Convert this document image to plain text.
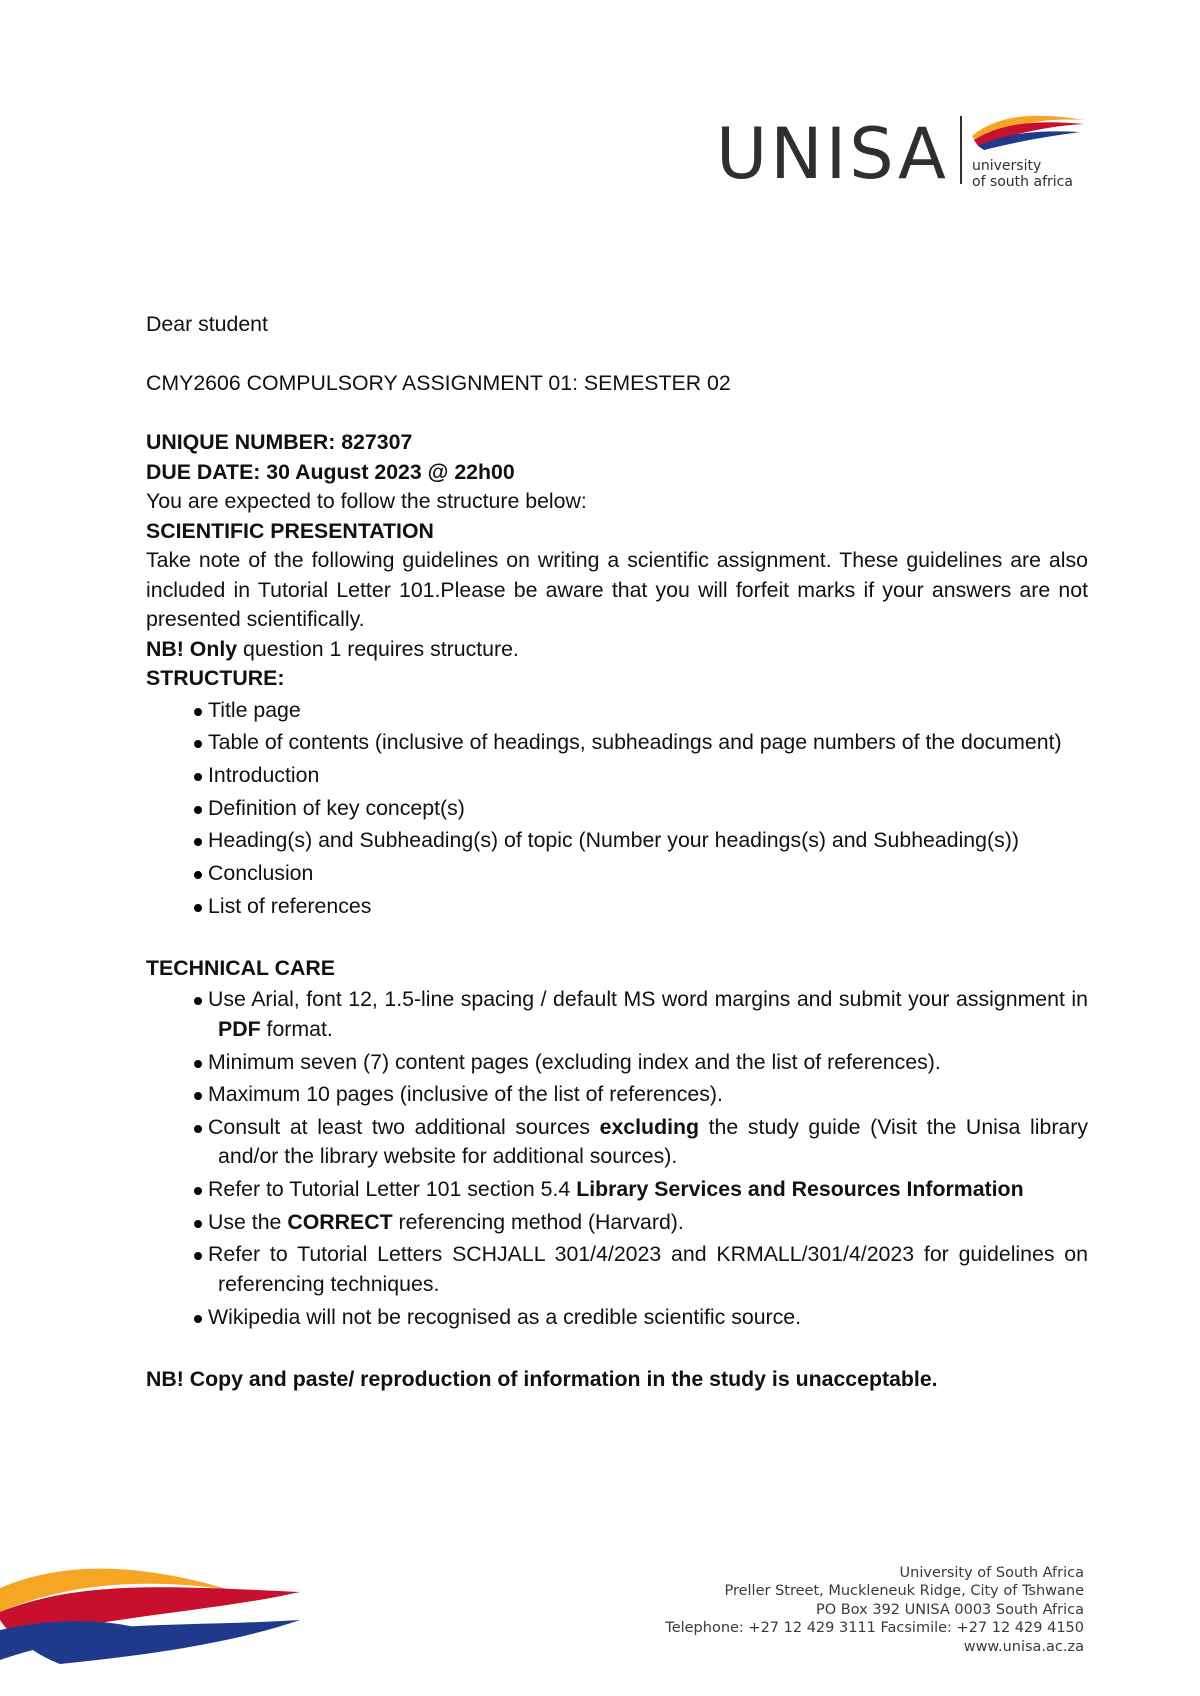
UNISA university
of south africa

Dear student

CMY2606 COMPULSORY ASSIGNMENT 01: SEMESTER 02

UNIQUE NUMBER: 827307

DUE DATE: 30 August 2023 @ 22h00

You are expected to follow the structure below:

SCIENTIFIC PRESENTATION

Take note of the following guidelines on writing a scientific assignment. These guidelines are also included in Tutorial Letter 101.Please be aware that you will forfeit marks if your answers are not presented scientifically.

NB! Only question 1 requires structure.

STRUCTURE:

Title page
Table of contents (inclusive of headings, subheadings and page numbers of the document)
Introduction
Definition of key concept(s)
Heading(s) and Subheading(s) of topic (Number your headings(s) and Subheading(s))
Conclusion
List of references

TECHNICAL CARE

Use Arial, font 12, 1.5-line spacing / default MS word margins and submit your assignment in PDF format.
Minimum seven (7) content pages (excluding index and the list of references).
Maximum 10 pages (inclusive of the list of references).
Consult at least two additional sources excluding the study guide (Visit the Unisa library and/or the library website for additional sources).
Refer to Tutorial Letter 101 section 5.4 Library Services and Resources Information
Use the CORRECT referencing method (Harvard).
Refer to Tutorial Letters SCHJALL 301/4/2023 and KRMALL/301/4/2023 for guidelines on referencing techniques.
Wikipedia will not be recognised as a credible scientific source.

NB! Copy and paste/ reproduction of information in the study is unacceptable.

University of South Africa
Preller Street, Muckleneuk Ridge, City of Tshwane
PO Box 392 UNISA 0003 South Africa
Telephone: +27 12 429 3111 Facsimile: +27 12 429 4150
www.unisa.ac.za
